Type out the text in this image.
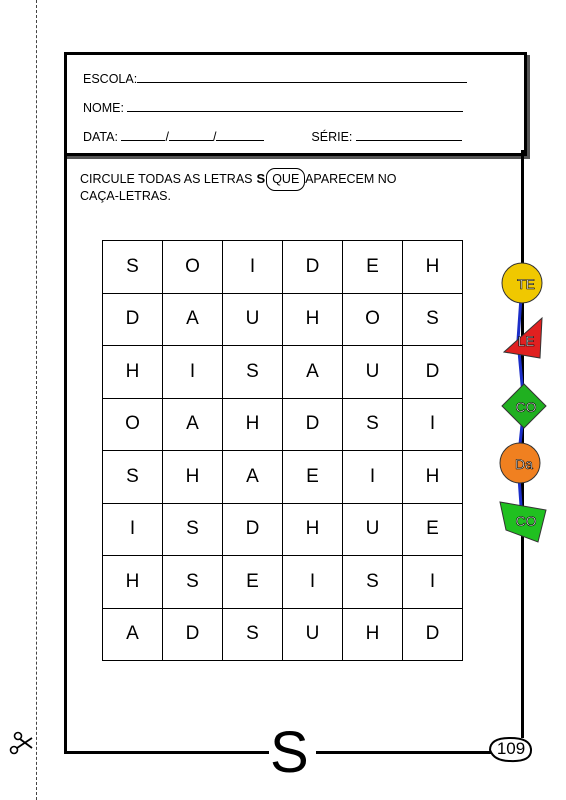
ESCOLA:
NOME:
DATA:	/	/	SÉRIE:
CIRCULE TODAS AS LETRAS S QUE APARECEM NO
CAÇA-LETRAS.
S	O	I	D	E	H
D	A	U	H	O	S
H	I	S	A	U	D
O	A	H	D	S	I
S	H	A	E	I	H
I	S	D	H	U	E
H	S	E	I	S	I
A	D	S	U	H	D
S	109
TE
LE
CO
Da
CO
